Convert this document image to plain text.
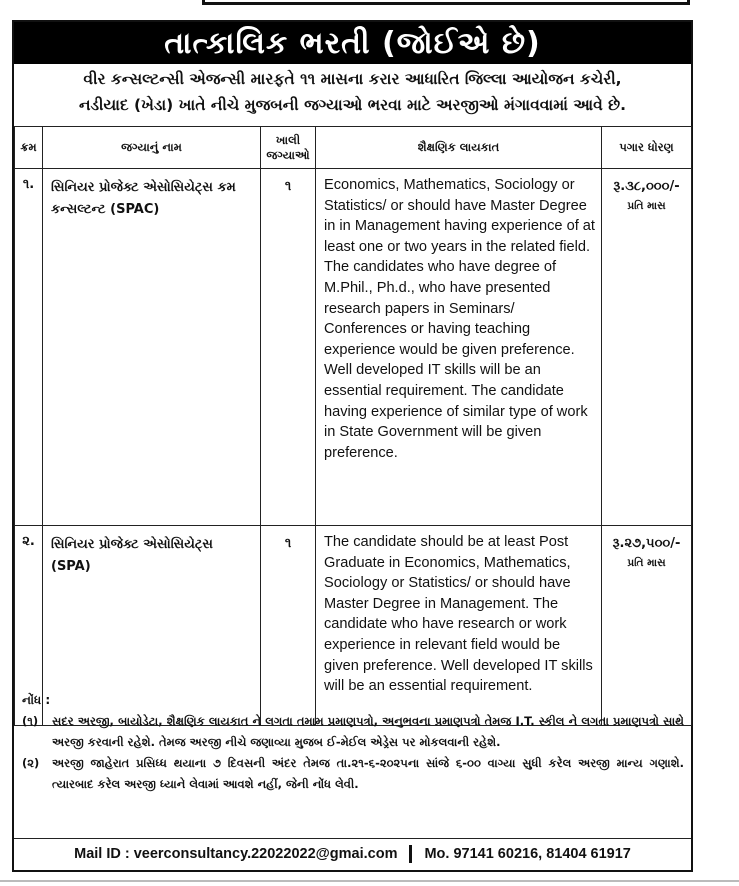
તાત્કાલિક ભરતી (જોઈએ છે)
વીર કન્સલ્ટન્સી એજન્સી મારફતે ૧૧ માસના કરાર આધારિત જિલ્લા આયોજન કચેરી,
નડીયાદ (ખેડા) ખાતે નીચે મુજબની જગ્યાઓ ભરવા માટે અરજીઓ મંગાવવામાં આવે છે.
ક્રમ	જગ્યાનું નામ	ખાલી જગ્યાઓ	શૈક્ષણિક લાયકાત	પગાર ધોરણ
૧.	સિનિયર પ્રોજેક્ટ એસોસિયેટ્સ કમ કન્સલ્ટન્ટ (SPAC)	૧	Economics, Mathematics, Sociology or Statistics/ or should have Master Degree in in Management having experience of at least one or two years in the related field. The candidates who have degree of M.Phil., Ph.d., who have presented research papers in Seminars/ Conferences or having teaching experience would be given preference. Well developed IT skills will be an essential requirement. The candidate having experience of similar type of work in State Government will be given preference.	રૂ.૩૮,૦૦૦/-
પ્રતિ માસ

૨.	સિનિયર પ્રોજેક્ટ એસોસિયેટ્સ (SPA)	૧	The candidate should be at least Post Graduate in Economics, Mathematics, Sociology or Statistics/ or should have Master Degree in Management. The candidate who have research or work experience in relevant field would be given preference. Well developed IT skills will be an essential requirement.	રૂ.૨૭,૫૦૦/-
પ્રતિ માસ
નોંધ :
(૧)	સદર અરજી, બાયોડેટા, શૈક્ષણિક લાયકાત ને લગતા તમામ પ્રમાણપત્રો, અનુભવના પ્રમાણપત્રો તેમજ I.T. સ્કીલ ને લગતા પ્રમાણપત્રો સાથે અરજી કરવાની રહેશે. તેમજ અરજી નીચે જણાવ્યા મુજબ ઈ-મેઈલ એડ્રેસ પર મોકલવાની રહેશે.
(૨)	અરજી જાહેરાત પ્રસિધ્ધ થયાના ૭ દિવસની અંદર તેમજ તા.૨૧-૬-૨૦૨૫ના સાંજે ૬-૦૦ વાગ્યા સુધી કરેલ અરજી માન્ય ગણાશે. ત્યારબાદ કરેલ અરજી ધ્યાને લેવામાં આવશે નહીં, જેની નોંધ લેવી.
Mail ID : veerconsultancy.22022022@gmai.com Mo. 97141 60216, 81404 61917
